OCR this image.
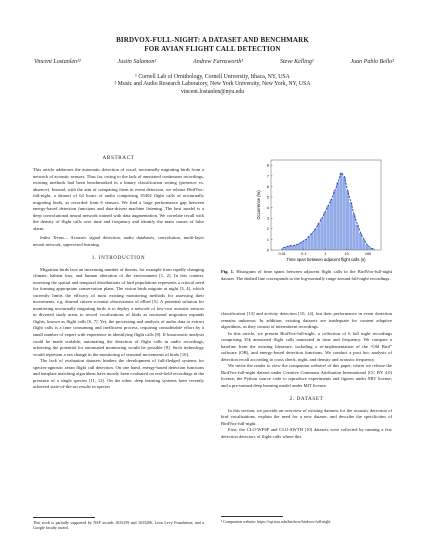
BIRDVOX-FULL-NIGHT: A DATASET AND BENCHMARK
FOR AVIAN FLIGHT CALL DETECTION
Vincent Lostanlen¹²	Justin Salamon²	Andrew Farnsworth¹	Steve Kelling¹	Juan Pablo Bello²
¹ Cornell Lab of Ornithology, Cornell University, Ithaca, NY, USA
² Music and Audio Research Laboratory, New York University, New York, NY, USA
vincent.lostanlen@nyu.edu
ABSTRACT

This article addresses the automatic detection of vocal, nocturnally migrating birds from a network of acoustic sensors. Thus far, owing to the lack of annotated continuous recordings, existing methods had been benchmarked in a binary classification setting (presence vs. absence). Instead, with the aim of comparing them in event detection, we release BirdVox-full-night, a dataset of 62 hours of audio comprising 35402 flight calls of nocturnally migrating birds, as recorded from 6 sensors. We find a large performance gap between energy-based detection functions and data-driven machine listening. The best model is a deep convolutional neural network trained with data augmentation. We correlate recall with the density of flight calls over time and frequency and identify the main causes of false alarm.

Index Terms— Acoustic signal detection, audio databases, convolution, multi-layer neural network, supervised learning.

1. INTRODUCTION

Migration birds face an increasing number of threats, for example from rapidly changing climate, habitat loss, and human alteration of the environment [1, 2]. In this context, assessing the spatial and temporal distributions of bird populations represents a critical need for forming appropriate conservation plans. The vision birds migrate at night [3, 4], which currently limits the efficacy of most existing monitoring methods for assessing their movements, e.g. diurnal citizen scientist observations of eBird [5]. A potential solution for monitoring nocturnally migrating birds is to deploy a network of low-cost acoustic sensors in diverted study areas to record vocalizations of birds as nocturnal migration expands flights, known as flight calls [6, 7]. Yet, the processing and analysis of audio data to extract flight calls is a time consuming and inefficient process, requiring considerable effort by a small number of expert with experience in identifying flight calls [8]. If bioacoustic analysis could be made scalable, automating the detection of flight calls in audio recordings, achieving the potential for automated monitoring would be possible [9]. Such technology would represent a sea change in the monitoring of seasonal movements of birds [10].

The lack of evaluation datasets hinders the development of full-fledged systems for species-agnostic avian flight call detection. On one hand, energy-based detection functions and template matching algorithms have mostly been evaluated on real-field recordings in the presence of a single species [11, 12]. On the other, deep learning systems have recently achieved state-of-the-art results in species

0
1
2
3
4
5
6
7
8
0.01	0.1	1	10	100
Occurrence (%)
Time span between adjacent flight calls (s)
Fig. 1. Histogram of time spans between adjacent flight calls in the BirdVox-full-night dataset. The dashed line corresponds to the log-normally range around full-night recordings.

classification [13] and activity detection [10, 14], but their performance in event detection remains unknown. In addition, existing datasets are inadequate for content adaptive algorithms, as they consist of intermittent recordings.

In this article, we present BirdVox-full-night, a collection of 6 full night recordings comprising 35k annotated flight calls annotated in time and frequency. We compare a baseline from the existing literature, including a re-implementation of the “Old Bird” software (OB), and energy-based detection functions. We conduct a post hoc analysis of detection recall according to cross check, night, and density and acoustic frequency.

We invite the reader to view the companion website¹ of this paper, where we release the BirdVox-full-night dataset under Creative Commons Attribution International (CC BY 4.0) license; the Python source code to reproduce experiments and figures under MIT license; and a pre-trained deep learning model under MIT license.

2. DATASET

In this section, we provide an overview of existing datasets for the acoustic detection of bird vocalizations, explain the need for a new dataset, and describe the specificities of BirdVox-full-night.

First, the CLO-WFSP and CLO-SWTH [10] datasets were collected by running a few detection detectors of flight calls where this

This work is partially supported by NSF awards 1633259 and 1633206, Leon Levy Foundation, and a Google faculty award.
¹ Companion website: https://wp.nyu.edu/birdvox/birdvox-full-night
